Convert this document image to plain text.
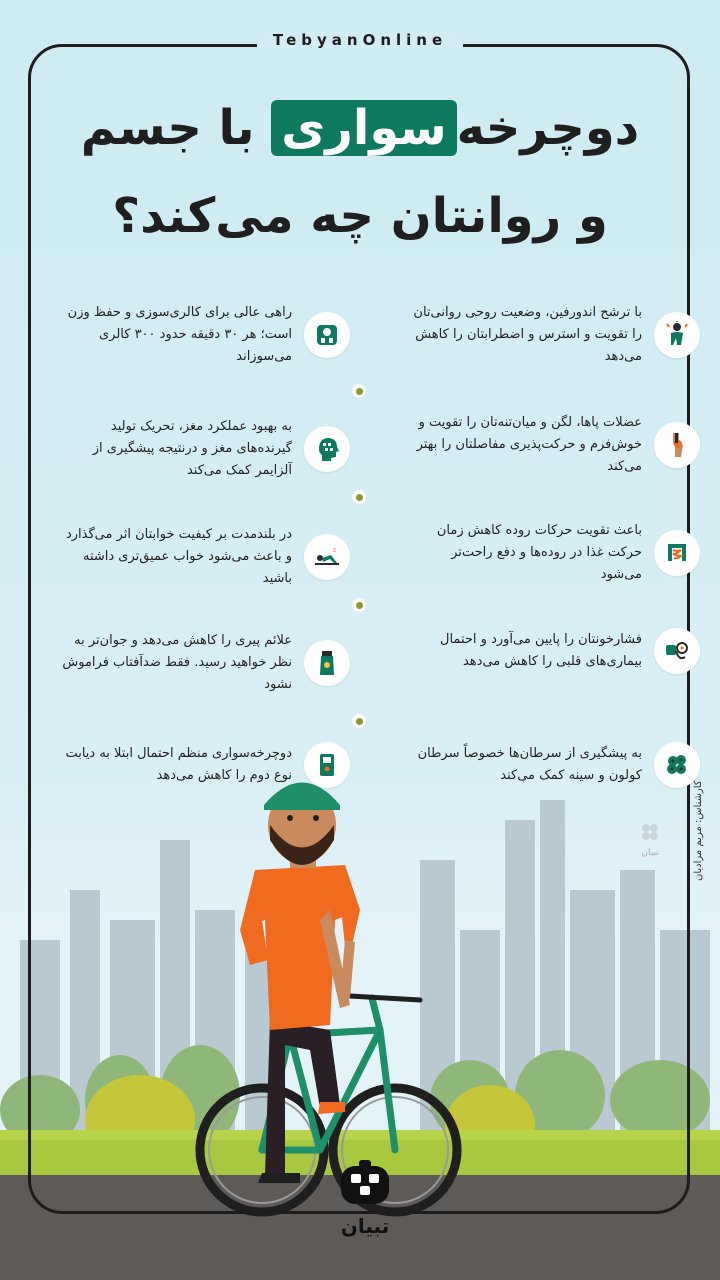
TebyanOnline
دوچرخه‌سواری با جسم
و روانتان چه می‌کند؟
با ترشح اندورفین، وضعیت روحی روانی‌تان را تقویت و استرس و اضطرابتان را کاهش می‌دهد
راهی عالی برای کالری‌سوزی و حفظ وزن است؛ هر ۳۰ دقیقه حدود ۳۰۰ کالری می‌سوزاند
عضلات پاها، لگن و میان‌تنه‌تان را تقویت و خوش‌فرم و حرکت‌پذیری مفاصلتان را بهتر می‌کند
به بهبود عملکرد مغز، تحریک تولید گیرنده‌های مغز و درنتیجه پیشگیری از آلزایمر کمک می‌کند
باعث تقویت حرکات روده کاهش زمان حرکت غذا در روده‌ها و دفع راحت‌تر می‌شود
z
در بلندمدت بر کیفیت خوابتان اثر می‌گذارد و باعث می‌شود خواب عمیق‌تری داشته باشید
فشارخونتان را پایین می‌آورد و احتمال بیماری‌های قلبی را کاهش می‌دهد
علائم پیری را کاهش می‌دهد و جوان‌تر به نظر خواهید رسید. فقط ضدآفتاب فراموش نشود
به پیشگیری از سرطان‌ها خصوصاً سرطان کولون و سینه کمک می‌کند
دوچرخه‌سواری منظم احتمال ابتلا به دیابت نوع دوم را کاهش می‌دهد
کارشناس: مریم مرادیان
تبیان
تبیان
